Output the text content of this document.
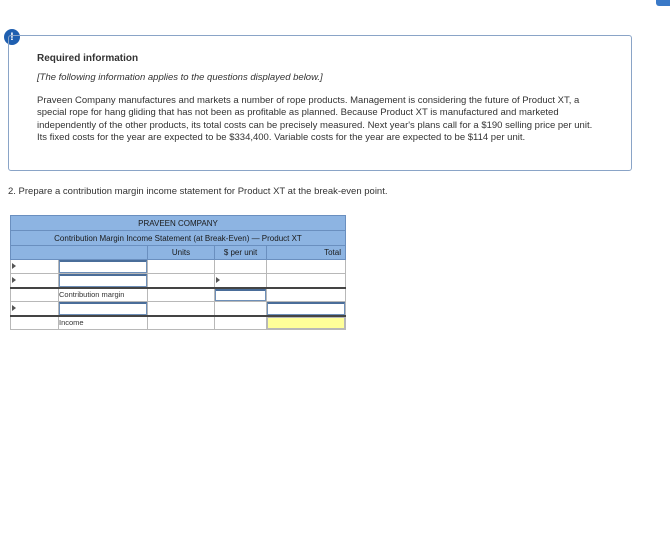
!
Required information
[The following information applies to the questions displayed below.]
Praveen Company manufactures and markets a number of rope products. Management is considering the future of Product XT, a special rope for hang gliding that has not been as profitable as planned. Because Product XT is manufactured and marketed independently of the other products, its total costs can be precisely measured. Next year's plans call for a $190 selling price per unit. Its fixed costs for the year are expected to be $334,400. Variable costs for the year are expected to be $114 per unit.
2. Prepare a contribution margin income statement for Product XT at the break-even point.
PRAVEEN COMPANY				
Contribution Margin Income Statement (at Break-Even) — Product XT				
		Units	$ per unit	Total

	Contribution margin		

	Income			
